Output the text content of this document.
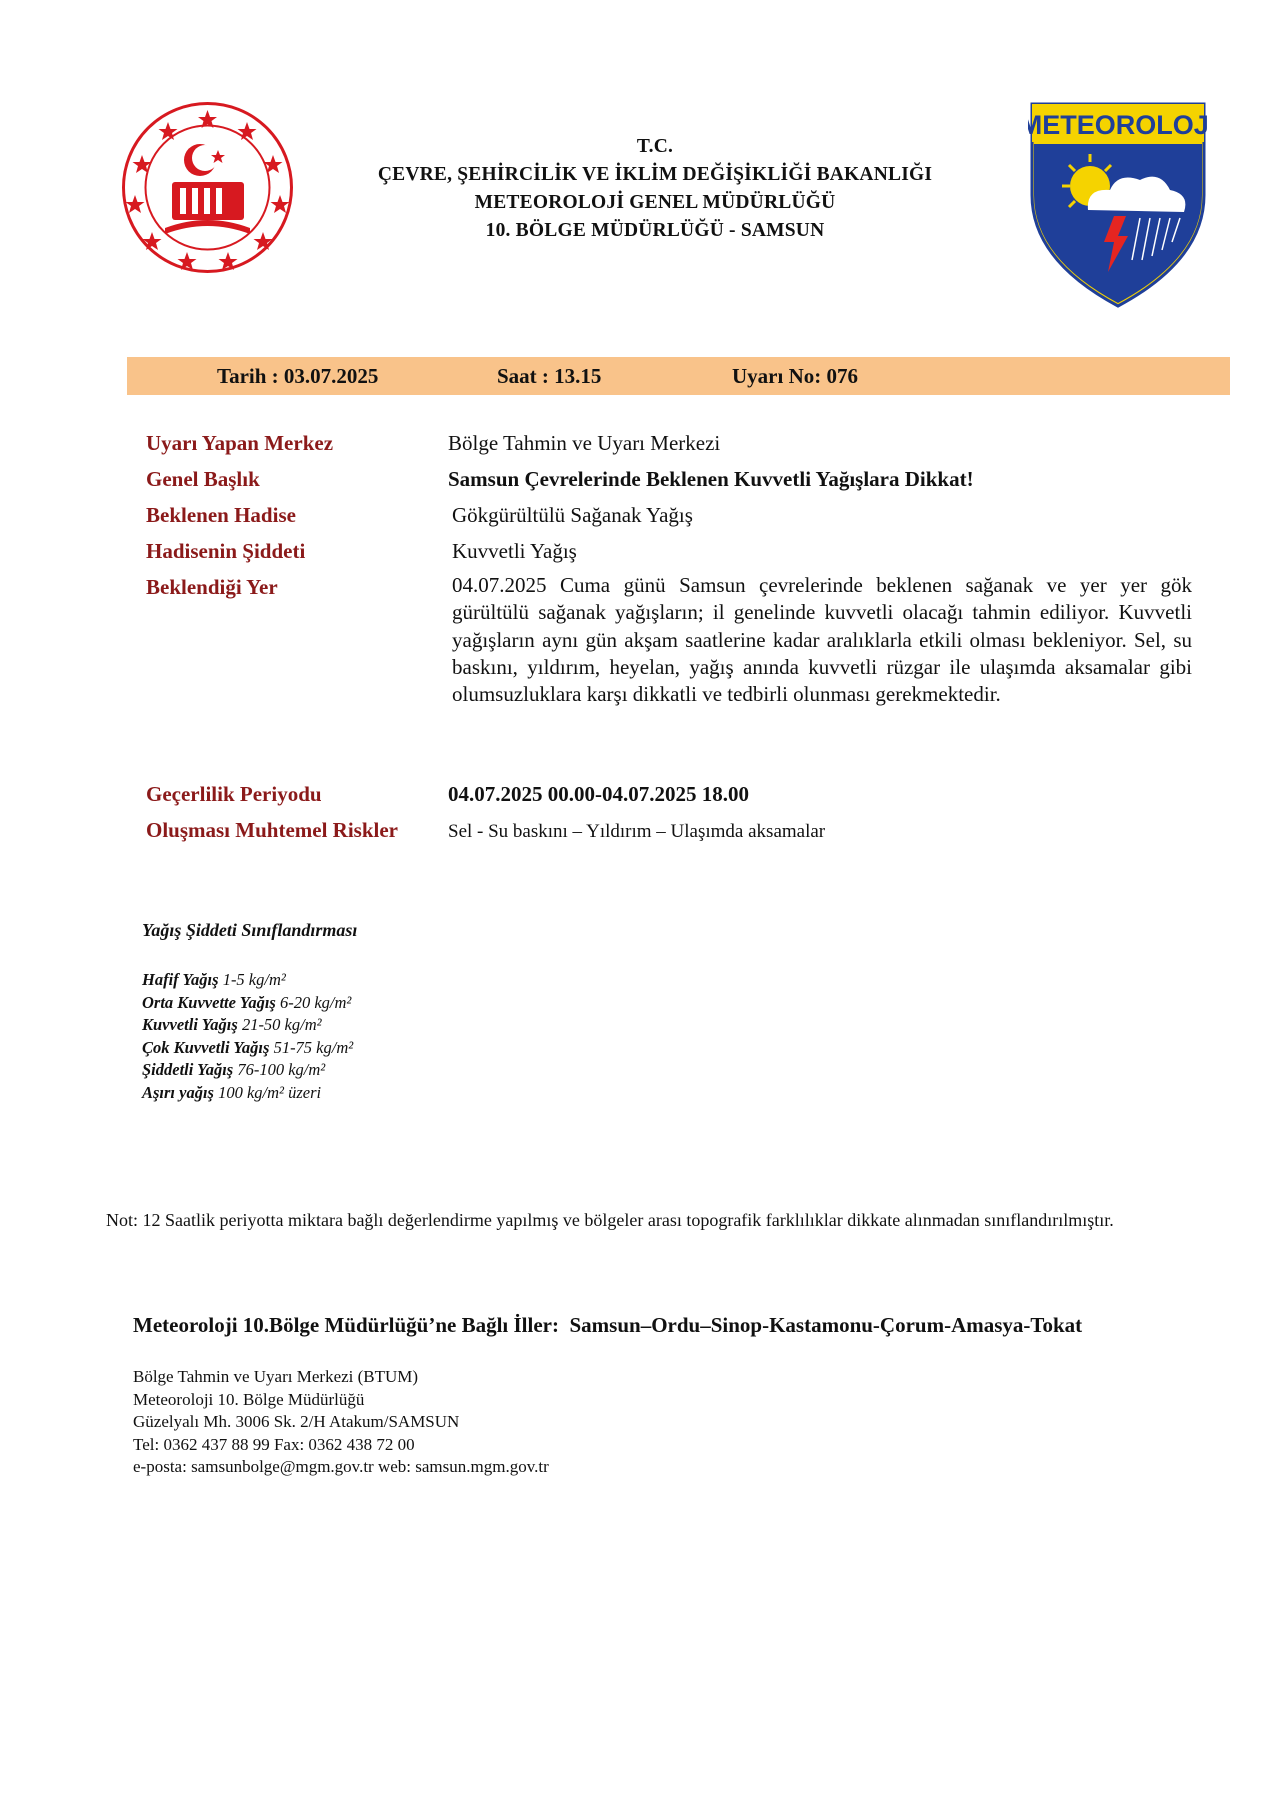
T.C.
ÇEVRE, ŞEHİRCİLİK VE İKLİM DEĞİŞİKLİĞİ BAKANLIĞI
METEOROLOJİ GENEL MÜDÜRLÜĞÜ
10. BÖLGE MÜDÜRLÜĞÜ - SAMSUN
METEOROLOJİ
Tarih : 03.07.2025	Saat : 13.15	Uyarı No: 076
Uyarı Yapan Merkez	Bölge Tahmin ve Uyarı Merkezi
Genel Başlık	Samsun Çevrelerinde Beklenen Kuvvetli Yağışlara Dikkat!
Beklenen Hadise	Gökgürültülü Sağanak Yağış
Hadisenin Şiddeti	Kuvvetli Yağış
Beklendiği Yer	04.07.2025 Cuma günü Samsun çevrelerinde beklenen sağanak ve yer yer gök gürültülü sağanak yağışların; il genelinde kuvvetli olacağı tahmin ediliyor. Kuvvetli yağışların aynı gün akşam saatlerine kadar aralıklarla etkili olması bekleniyor. Sel, su baskını, yıldırım, heyelan, yağış anında kuvvetli rüzgar ile ulaşımda aksamalar gibi olumsuzluklara karşı dikkatli ve tedbirli olunması gerekmektedir.
Geçerlilik Periyodu	04.07.2025 00.00-04.07.2025 18.00
Oluşması Muhtemel Riskler	Sel - Su baskını – Yıldırım – Ulaşımda aksamalar
Yağış Şiddeti Sınıflandırması
Hafif Yağış 1-5 kg/m²
Orta Kuvvette Yağış 6-20 kg/m²
Kuvvetli Yağış 21-50 kg/m²
Çok Kuvvetli Yağış 51-75 kg/m²
Şiddetli Yağış 76-100 kg/m²
Aşırı yağış 100 kg/m² üzeri
Not: 12 Saatlik periyotta miktara bağlı değerlendirme yapılmış ve bölgeler arası topografik farklılıklar dikkate alınmadan sınıflandırılmıştır.
Meteoroloji 10.Bölge Müdürlüğü’ne Bağlı İller: Samsun–Ordu–Sinop-Kastamonu-Çorum-Amasya-Tokat
Bölge Tahmin ve Uyarı Merkezi (BTUM)
Meteoroloji 10. Bölge Müdürlüğü
Güzelyalı Mh. 3006 Sk. 2/H Atakum/SAMSUN
Tel: 0362 437 88 99 Fax: 0362 438 72 00
e-posta: samsunbolge@mgm.gov.tr web: samsun.mgm.gov.tr
